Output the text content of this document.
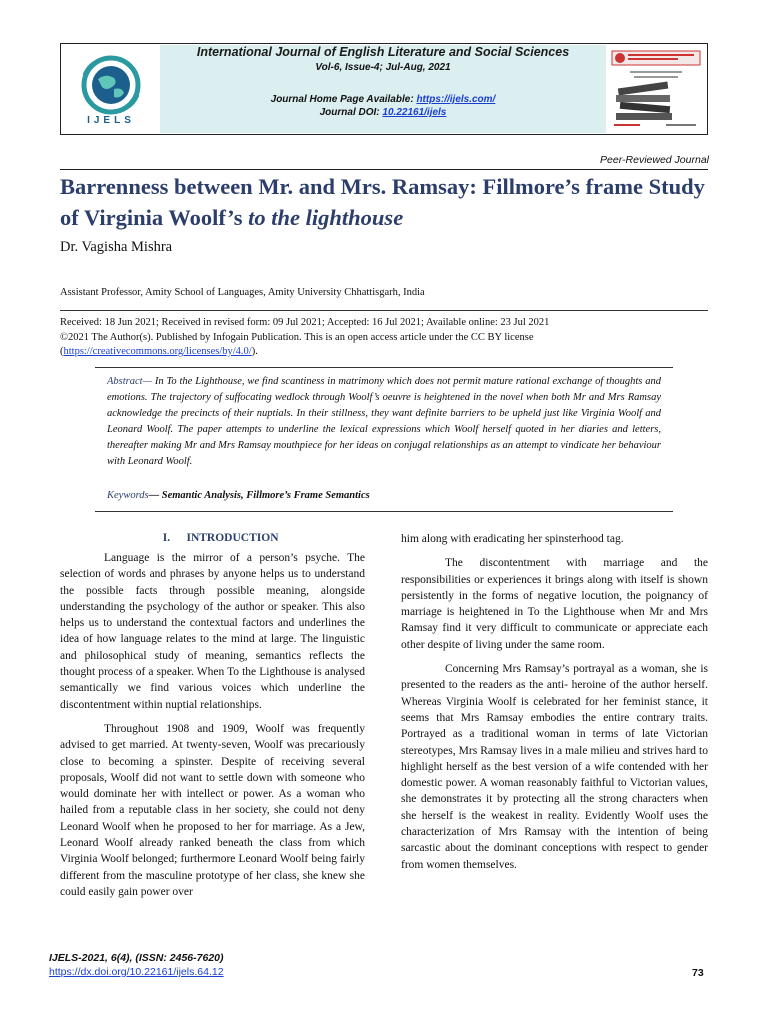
IJELS
International Journal of English Literature and Social Sciences
Vol-6, Issue-4; Jul-Aug, 2021
Journal Home Page Available: https://ijels.com/
Journal DOI: 10.22161/ijels
Peer-Reviewed Journal
Barrenness between Mr. and Mrs. Ramsay: Fillmore’s frame Study of Virginia Woolf’s to the lighthouse
Dr. Vagisha Mishra
Assistant Professor, Amity School of Languages, Amity University Chhattisgarh, India
Received: 18 Jun 2021; Received in revised form: 09 Jul 2021; Accepted: 16 Jul 2021; Available online: 23 Jul 2021
©2021 The Author(s). Published by Infogain Publication. This is an open access article under the CC BY license
(https://creativecommons.org/licenses/by/4.0/).
Abstract— In To the Lighthouse, we find scantiness in matrimony which does not permit mature rational exchange of thoughts and emotions. The trajectory of suffocating wedlock through Woolf’s oeuvre is heightened in the novel when both Mr and Mrs Ramsay acknowledge the precincts of their nuptials. In their stillness, they want definite barriers to be upheld just like Virginia Woolf and Leonard Woolf. The paper attempts to underline the lexical expressions which Woolf herself quoted in her diaries and letters, thereafter making Mr and Mrs Ramsay mouthpiece for her ideas on conjugal relationships as an attempt to vindicate her behaviour with Leonard Woolf.
Keywords— Semantic Analysis, Fillmore’s Frame Semantics
I. INTRODUCTION

Language is the mirror of a person’s psyche. The selection of words and phrases by anyone helps us to understand the possible facts through possible meaning, alongside understanding the psychology of the author or speaker. This also helps us to understand the contextual factors and underlines the idea of how language relates to the mind at large. The linguistic and philosophical study of meaning, semantics reflects the thought process of a speaker. When To the Lighthouse is analysed semantically we find various voices which underline the discontentment within nuptial relationships.

Throughout 1908 and 1909, Woolf was frequently advised to get married. At twenty-seven, Woolf was precariously close to becoming a spinster. Despite of receiving several proposals, Woolf did not want to settle down with someone who would dominate her with intellect or power. As a woman who hailed from a reputable class in her society, she could not deny Leonard Woolf when he proposed to her for marriage. As a Jew, Leonard Woolf already ranked beneath the class from which Virginia Woolf belonged; furthermore Leonard Woolf being fairly different from the masculine prototype of her class, she knew she could easily gain power over

him along with eradicating her spinsterhood tag.

The discontentment with marriage and the responsibilities or experiences it brings along with itself is shown persistently in the forms of negative locution, the poignancy of marriage is heightened in To the Lighthouse when Mr and Mrs Ramsay find it very difficult to communicate or appreciate each other despite of living under the same room.

Concerning Mrs Ramsay’s portrayal as a woman, she is presented to the readers as the anti- heroine of the author herself. Whereas Virginia Woolf is celebrated for her feminist stance, it seems that Mrs Ramsay embodies the entire contrary traits. Portrayed as a traditional woman in terms of late Victorian stereotypes, Mrs Ramsay lives in a male milieu and strives hard to highlight herself as the best version of a wife contended with her domestic power. A woman reasonably faithful to Victorian values, she demonstrates it by protecting all the strong characters when she herself is the weakest in reality. Evidently Woolf uses the characterization of Mrs Ramsay with the intention of being sarcastic about the dominant conceptions with respect to gender from women themselves.

IJELS-2021, 6(4), (ISSN: 2456-7620)
https://dx.doi.org/10.22161/ijels.64.12	73
